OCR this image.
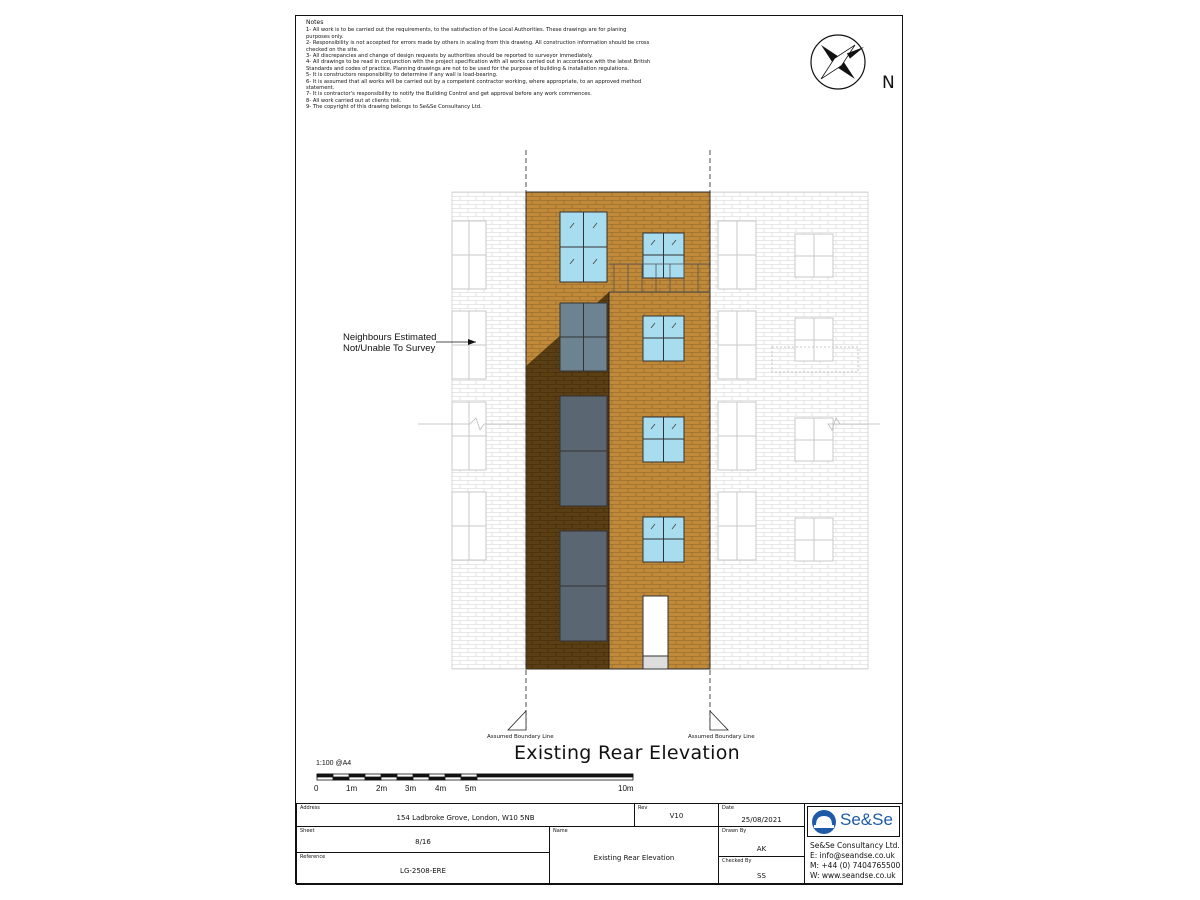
Notes
1- All work is to be carried out the requirements, to the satisfaction of the Local Authorities. These drawings are for planing purposes only.
2- Responsibility is not accepted for errors made by others in scaling from this drawing. All construction information should be cross checked on the site.
3- All discrepancies and change of design requests by authorities should be reported to surveyor immediately.
4- All drawings to be read in conjunction with the project specification with all works carried out in accordance with the latest British Standards and codes of practice. Planning drawings are not to be used for the purpose of building & installation regulations.
5- It is constructors responsibility to determine if any wall is load-bearing.
6- It is assumed that all works will be carried out by a competent contractor working, where appropriate, to an approved method statement.
7- It is contractor's responsibility to notify the Building Control and get approval before any work commences.
8- All work carried out at clients risk.
9- The copyright of this drawing belongs to Se&Se Consultancy Ltd.
Neighbours Estimated
Not/Unable To Survey
N
Assumed Boundary Line	Assumed Boundary Line
Existing Rear Elevation
1:100 @A4
0	1m 2m 3m 4m 5m	10m
Address
154 Ladbroke Grove, London, W10 5NB
Rev
V10
Date
25/08/2021
Sheet
8/16
Name
Existing Rear Elevation
Drawn By
AK
Reference
LG-2508-ERE
Checked By
SS
Se&Se
Se&Se Consultancy Ltd.
E: info@seandse.co.uk
M: +44 (0) 7404765500
W: www.seandse.co.uk
